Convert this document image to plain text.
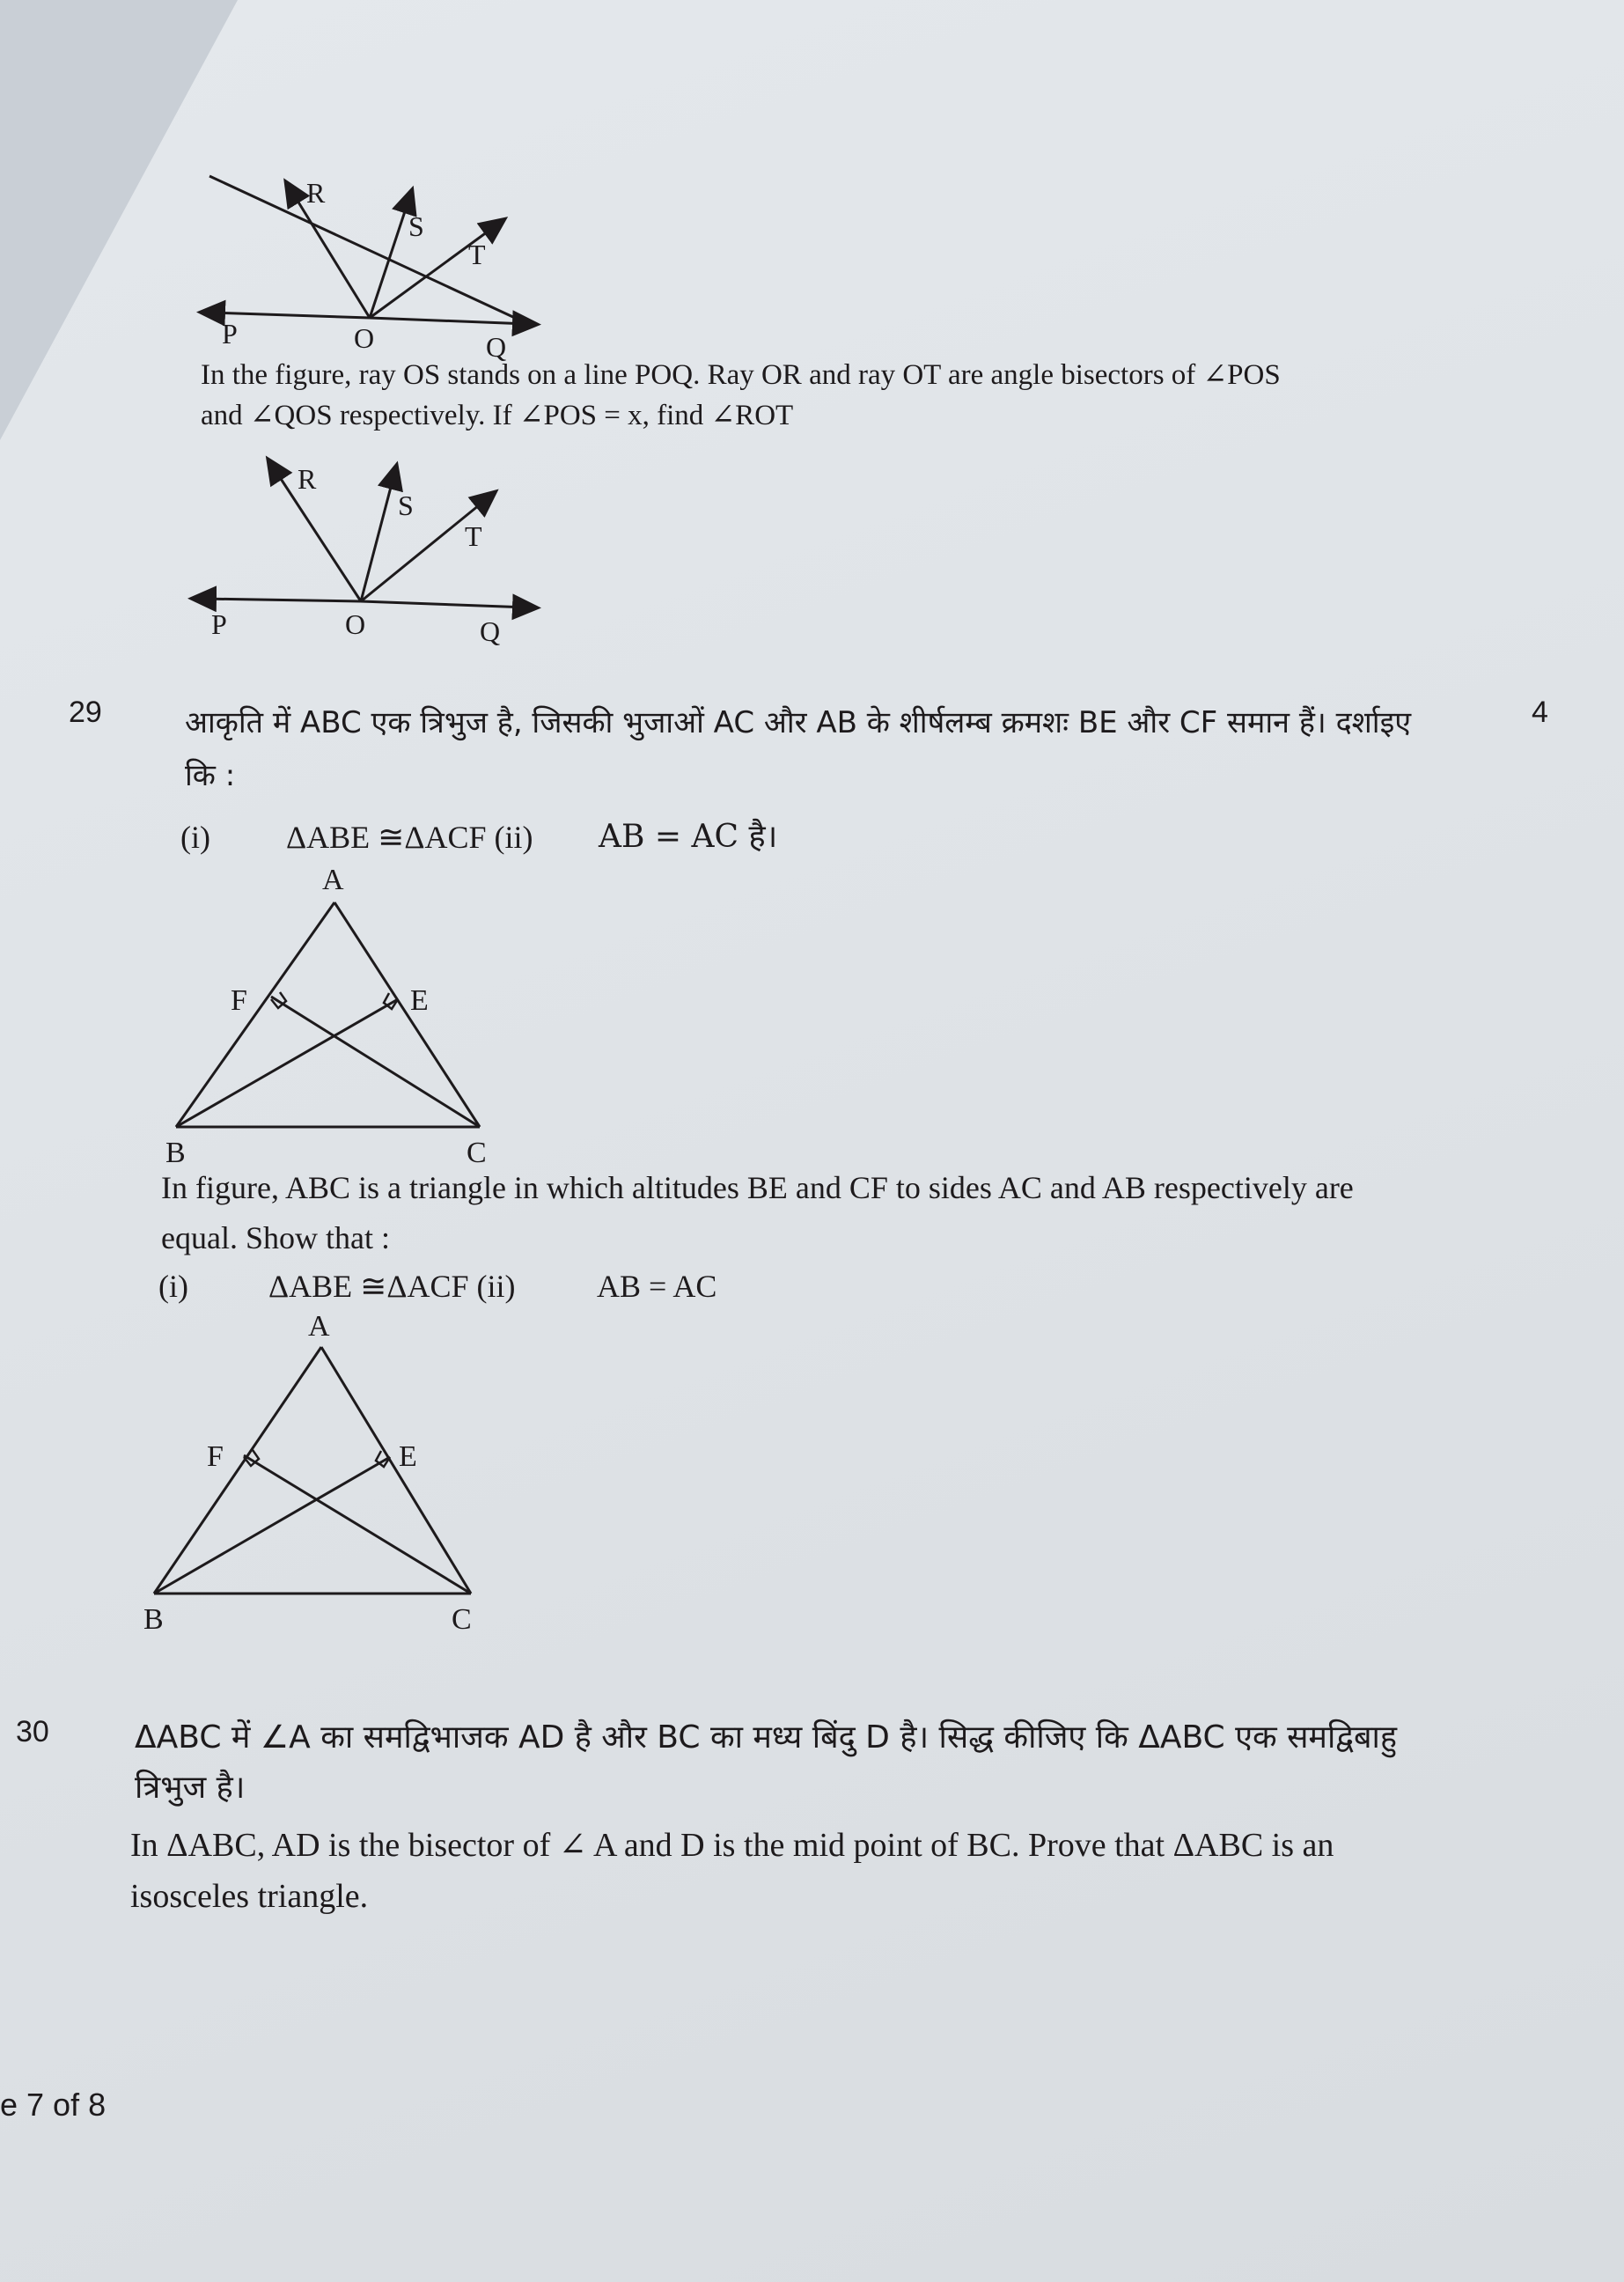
R
S
T
P	O	Q
In the figure, ray OS stands on a line POQ. Ray OR and ray OT are angle bisectors of ∠POS
and ∠QOS respectively. If ∠POS = x, find ∠ROT
R
S
T
P	O	Q
29	4
आकृति में ABC एक त्रिभुज है, जिसकी भुजाओं AC और AB के शीर्षलम्ब क्रमशः BE और CF समान हैं। दर्शाइए
कि :
(i) ΔABE ≅ΔACF (ii) AB = AC है।
A
F	E
B	C
In figure, ABC is a triangle in which altitudes BE and CF to sides AC and AB respectively are
equal. Show that :
(i)	ΔABE ≅ΔACF (ii)	AB = AC
A
F	E
B	C
30	ΔABC में ∠A का समद्विभाजक AD है और BC का मध्य बिंदु D है। सिद्ध कीजिए कि ΔABC एक समद्विबाहु
त्रिभुज है।
In ΔABC, AD is the bisector of ∠ A and D is the mid point of BC. Prove that ΔABC is an
isosceles triangle.
e 7 of 8
